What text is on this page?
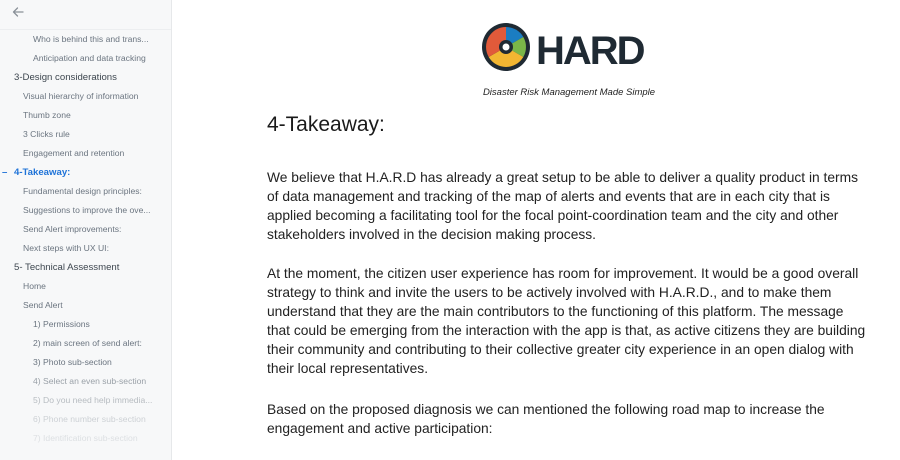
Who is behind this and trans...
Anticipation and data tracking
3-Design considerations
Visual hierarchy of information
Thumb zone
3 Clicks rule
Engagement and retention
– 4-Takeaway:
Fundamental design principles:
Suggestions to improve the ove...
Send Alert improvements:
Next steps with UX UI:
5- Technical Assessment
Home
Send Alert
1) Permissions
2) main screen of send alert:
3) Photo sub-section
4) Select an even sub-section
5) Do you need help immedia...
6) Phone number sub-section
7) Identification sub-section
HARD
Disaster Risk Management Made Simple
4-Takeaway:

We believe that H.A.R.D has already a great setup to be able to deliver a quality product in terms of data management and tracking of the map of alerts and events that are in each city that is applied becoming a facilitating tool for the focal point-coordination team and the city and other stakeholders involved in the decision making process.

At the moment, the citizen user experience has room for improvement. It would be a good overall strategy to think and invite the users to be actively involved with H.A.R.D., and to make them understand that they are the main contributors to the functioning of this platform. The message that could be emerging from the interaction with the app is that, as active citizens they are building their community and contributing to their collective greater city experience in an open dialog with their local representatives.

Based on the proposed diagnosis we can mentioned the following road map to increase the engagement and active participation:
